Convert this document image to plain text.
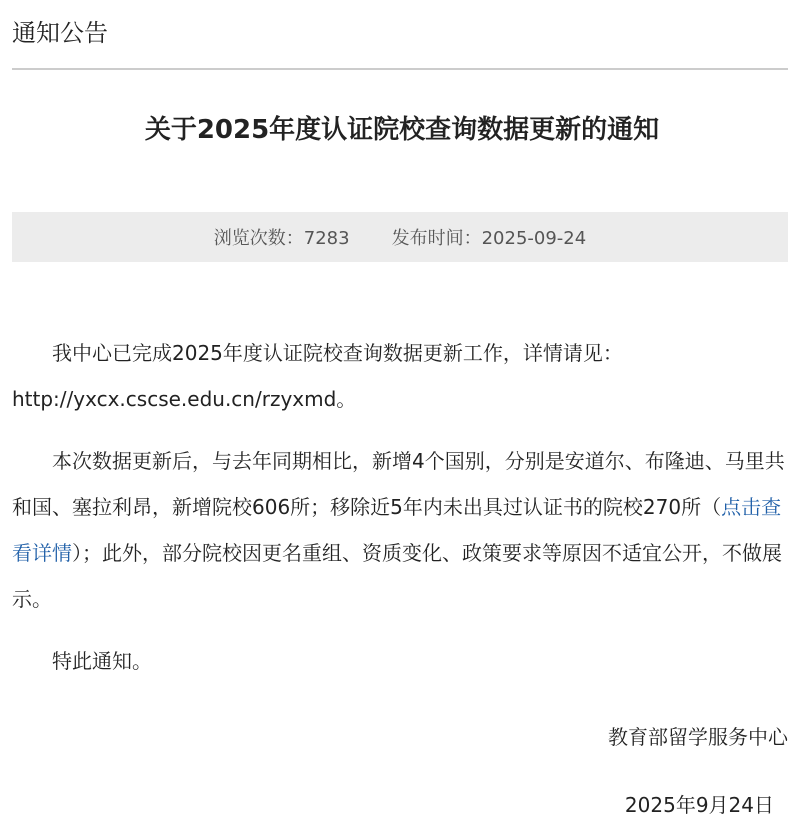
通知公告
关于2025年度认证院校查询数据更新的通知
浏览次数：7283 发布时间：2025-09-24

我中心已完成2025年度认证院校查询数据更新工作，详情请见：
http://yxcx.cscse.edu.cn/rzyxmd。

本次数据更新后，与去年同期相比，新增4个国别，分别是安道尔、布隆迪、马里共和国、塞拉利昂，新增院校606所；移除近5年内未出具过认证书的院校270所（点击查看详情）；此外，部分院校因更名重组、资质变化、政策要求等原因不适宜公开，不做展示。

特此通知。

教育部留学服务中心
2025年9月24日
